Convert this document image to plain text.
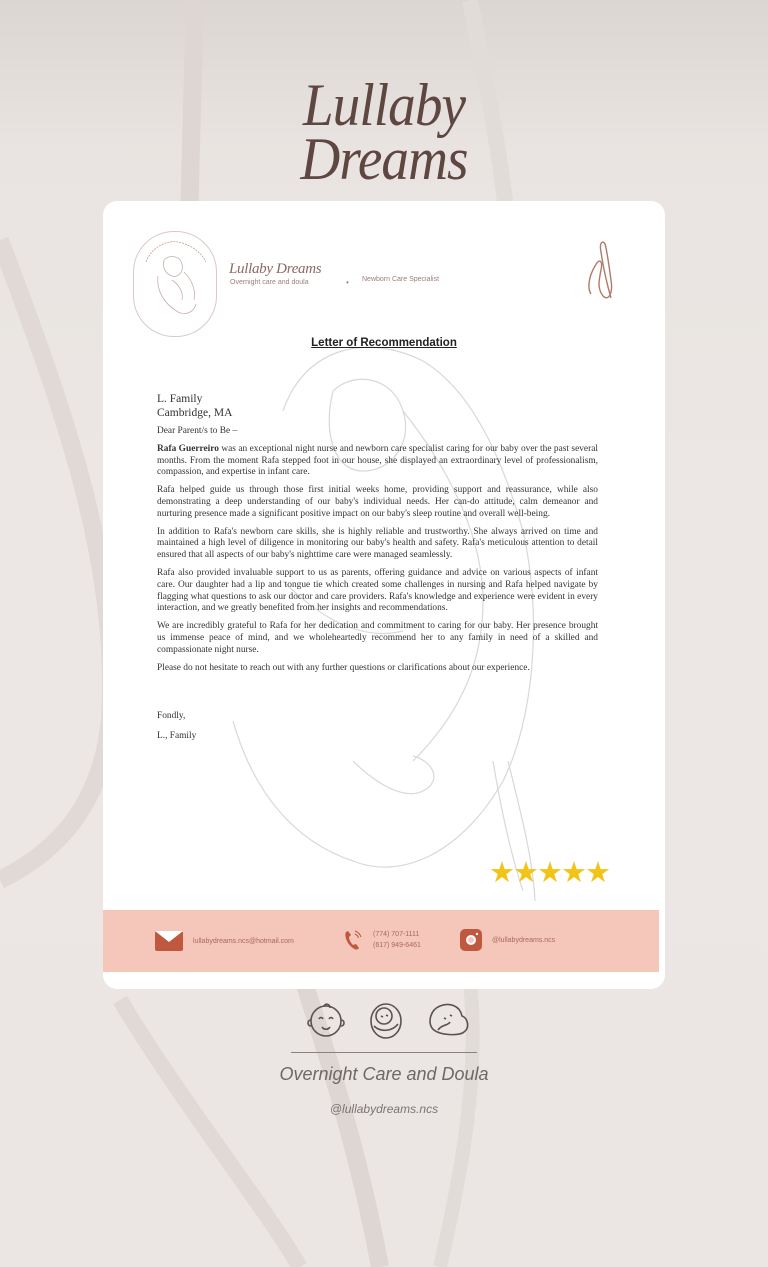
Lullaby
Dreams
Lullaby Dreams
Overnight care and doula	• Newborn Care Specialist
Letter of Recommendation
L. Family
Cambridge, MA
Dear Parent/s to Be –
Rafa Guerreiro was an exceptional night nurse and newborn care specialist caring for our baby over the past several months. From the moment Rafa stepped foot in our house, she displayed an extraordinary level of professionalism, compassion, and expertise in infant care.
Rafa helped guide us through those first initial weeks home, providing support and reassurance, while also demonstrating a deep understanding of our baby's individual needs. Her can-do attitude, calm demeanor and nurturing presence made a significant positive impact on our baby's sleep routine and overall well-being.
In addition to Rafa's newborn care skills, she is highly reliable and trustworthy. She always arrived on time and maintained a high level of diligence in monitoring our baby's health and safety. Rafa's meticulous attention to detail ensured that all aspects of our baby's nighttime care were managed seamlessly.
Rafa also provided invaluable support to us as parents, offering guidance and advice on various aspects of infant care. Our daughter had a lip and tongue tie which created some challenges in nursing and Rafa helped navigate by flagging what questions to ask our doctor and care providers. Rafa's knowledge and experience were evident in every interaction, and we greatly benefited from her insights and recommendations.
We are incredibly grateful to Rafa for her dedication and commitment to caring for our baby. Her presence brought us immense peace of mind, and we wholeheartedly recommend her to any family in need of a skilled and compassionate night nurse.
Please do not hesitate to reach out with any further questions or clarifications about our experience.
Fondly,
L., Family
★★★★★
lullabydreams.ncs@hotmail.com
(774) 707-1111
(617) 949-6461
@lullabydreams.ncs
Overnight Care and Doula
@lullabydreams.ncs
